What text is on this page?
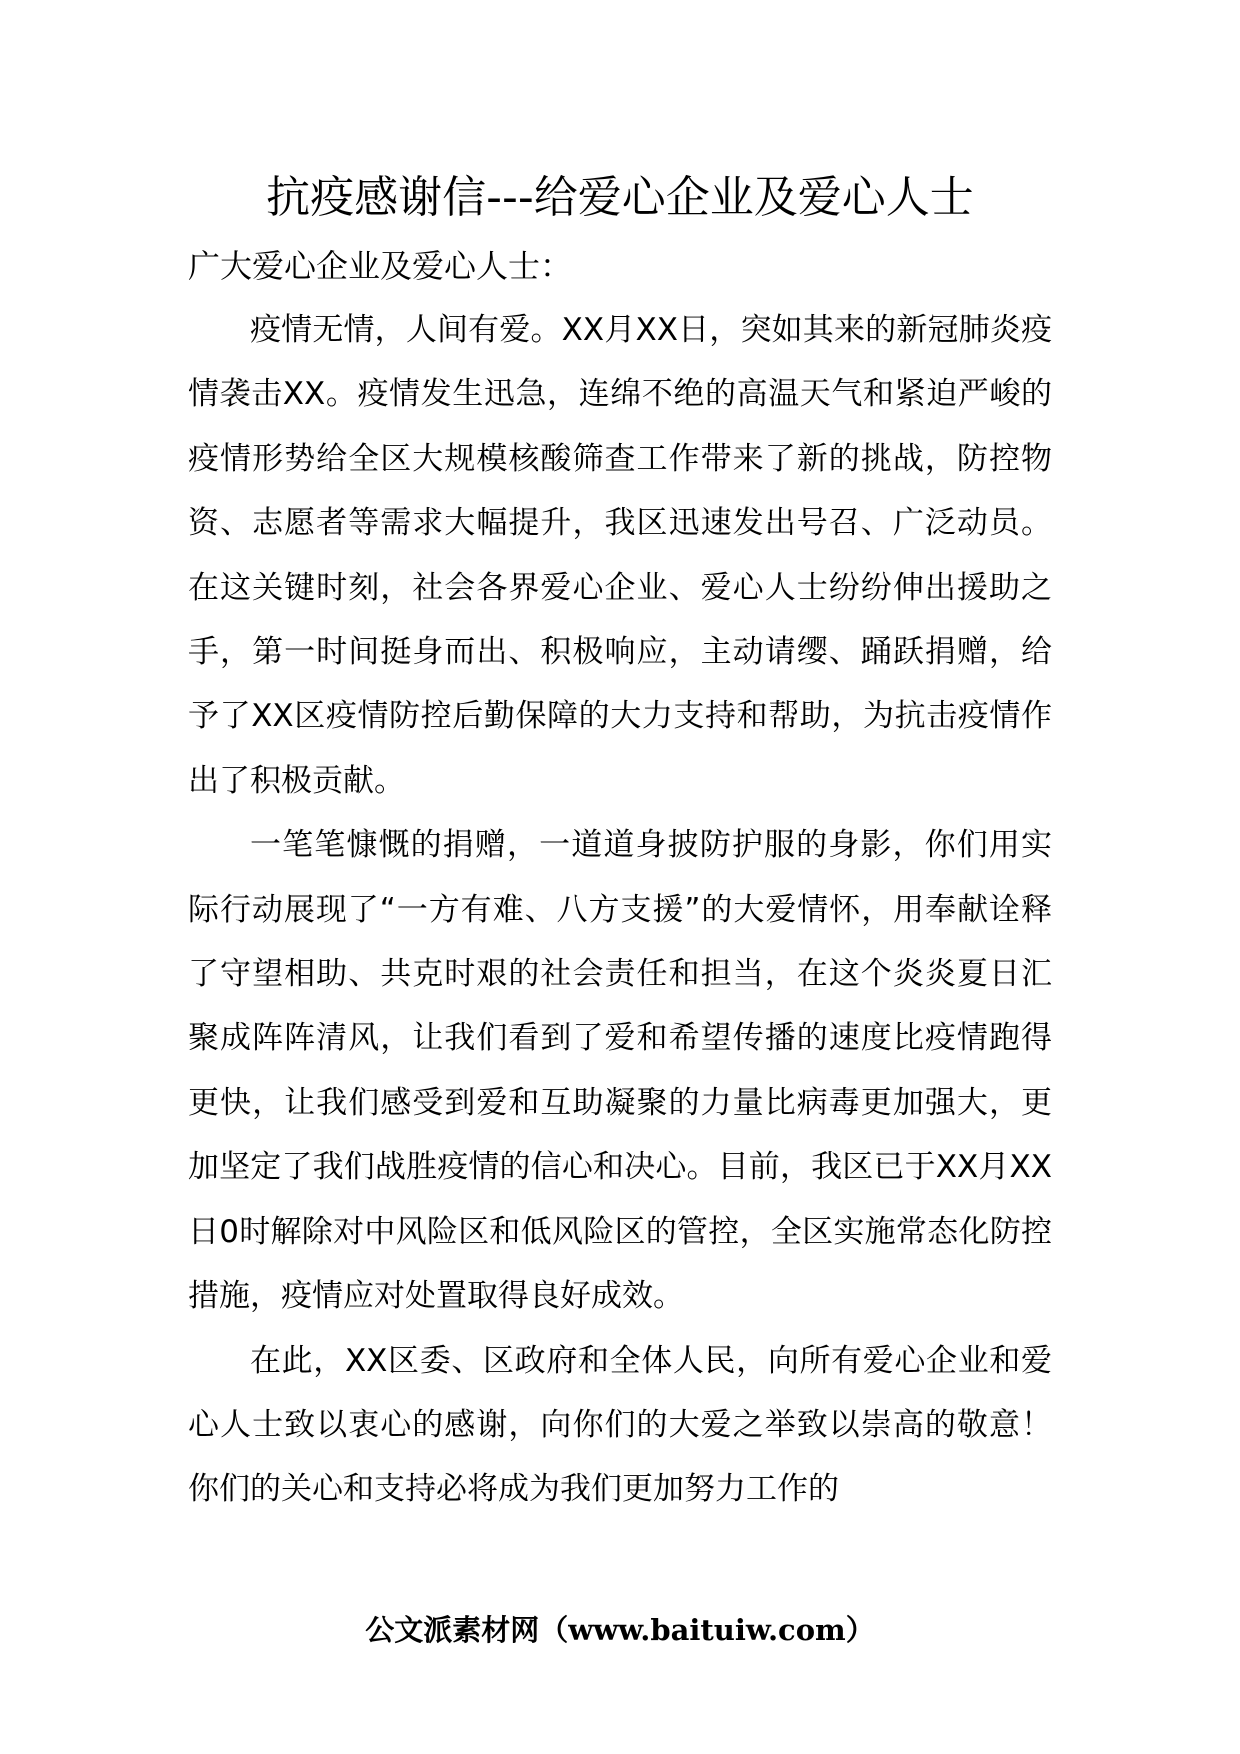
抗疫感谢信---给爱心企业及爱心人士
广大爱心企业及爱心人士：

疫情无情，人间有爱。XX月XX日，突如其来的新冠肺炎疫情袭击XX。疫情发生迅急，连绵不绝的高温天气和紧迫严峻的疫情形势给全区大规模核酸筛查工作带来了新的挑战，防控物资、志愿者等需求大幅提升，我区迅速发出号召、广泛动员。在这关键时刻，社会各界爱心企业、爱心人士纷纷伸出援助之手，第一时间挺身而出、积极响应，主动请缨、踊跃捐赠，给予了XX区疫情防控后勤保障的大力支持和帮助，为抗击疫情作出了积极贡献。

一笔笔慷慨的捐赠，一道道身披防护服的身影，你们用实际行动展现了“一方有难、八方支援”的大爱情怀，用奉献诠释了守望相助、共克时艰的社会责任和担当，在这个炎炎夏日汇聚成阵阵清风，让我们看到了爱和希望传播的速度比疫情跑得更快，让我们感受到爱和互助凝聚的力量比病毒更加强大，更加坚定了我们战胜疫情的信心和决心。目前，我区已于XX月XX日0时解除对中风险区和低风险区的管控，全区实施常态化防控措施，疫情应对处置取得良好成效。

在此，XX区委、区政府和全体人民，向所有爱心企业和爱心人士致以衷心的感谢，向你们的大爱之举致以崇高的敬意！你们的关心和支持必将成为我们更加努力工作的

公文派素材网（www.baituiw.com）
